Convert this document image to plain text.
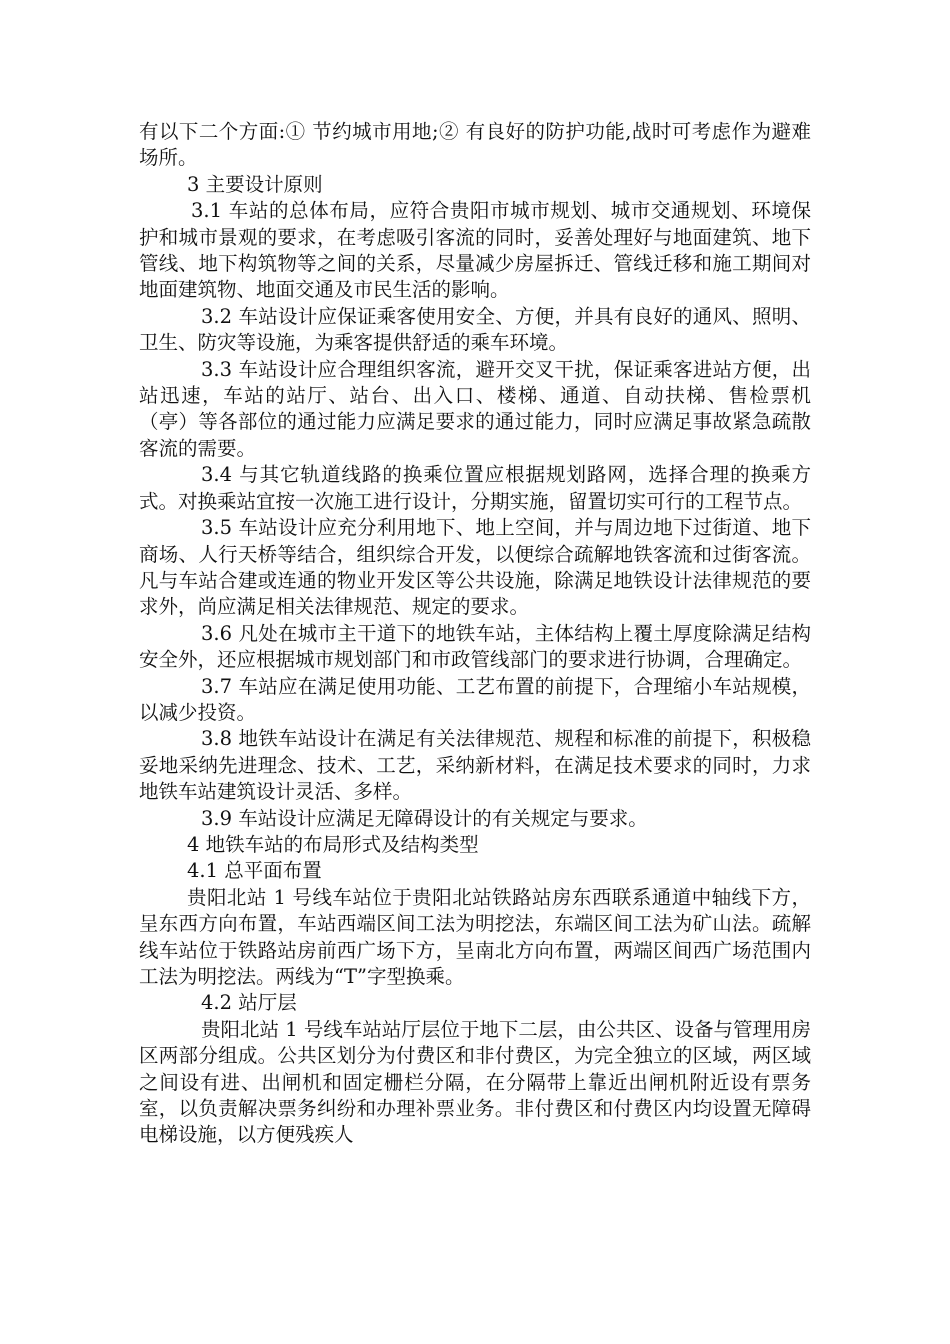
有以下二个方面:① 节约城市用地;② 有良好的防护功能,战时可考虑作为避难场所。

3 主要设计原则

3.1 车站的总体布局，应符合贵阳市城市规划、城市交通规划、环境保护和城市景观的要求，在考虑吸引客流的同时，妥善处理好与地面建筑、地下管线、地下构筑物等之间的关系，尽量减少房屋拆迁、管线迁移和施工期间对地面建筑物、地面交通及市民生活的影响。

3.2 车站设计应保证乘客使用安全、方便，并具有良好的通风、照明、卫生、防灾等设施，为乘客提供舒适的乘车环境。

3.3 车站设计应合理组织客流，避开交叉干扰，保证乘客进站方便，出站迅速，车站的站厅、站台、出入口、楼梯、通道、自动扶梯、售检票机（亭）等各部位的通过能力应满足要求的通过能力，同时应满足事故紧急疏散客流的需要。

3.4 与其它轨道线路的换乘位置应根据规划路网，选择合理的换乘方式。对换乘站宜按一次施工进行设计，分期实施，留置切实可行的工程节点。

3.5 车站设计应充分利用地下、地上空间，并与周边地下过街道、地下商场、人行天桥等结合，组织综合开发，以便综合疏解地铁客流和过街客流。凡与车站合建或连通的物业开发区等公共设施，除满足地铁设计法律规范的要求外，尚应满足相关法律规范、规定的要求。

3.6 凡处在城市主干道下的地铁车站，主体结构上覆土厚度除满足结构安全外，还应根据城市规划部门和市政管线部门的要求进行协调，合理确定。

3.7 车站应在满足使用功能、工艺布置的前提下，合理缩小车站规模，以减少投资。

3.8 地铁车站设计在满足有关法律规范、规程和标准的前提下，积极稳妥地采纳先进理念、技术、工艺，采纳新材料，在满足技术要求的同时，力求地铁车站建筑设计灵活、多样。

3.9 车站设计应满足无障碍设计的有关规定与要求。

4 地铁车站的布局形式及结构类型

4.1 总平面布置

贵阳北站 1 号线车站位于贵阳北站铁路站房东西联系通道中轴线下方，呈东西方向布置，车站西端区间工法为明挖法，东端区间工法为矿山法。疏解线车站位于铁路站房前西广场下方，呈南北方向布置，两端区间西广场范围内工法为明挖法。两线为“T”字型换乘。

4.2 站厅层

贵阳北站 1 号线车站站厅层位于地下二层，由公共区、设备与管理用房区两部分组成。公共区划分为付费区和非付费区，为完全独立的区域，两区域之间设有进、出闸机和固定栅栏分隔，在分隔带上靠近出闸机附近设有票务室，以负责解决票务纠纷和办理补票业务。非付费区和付费区内均设置无障碍电梯设施，以方便残疾人
